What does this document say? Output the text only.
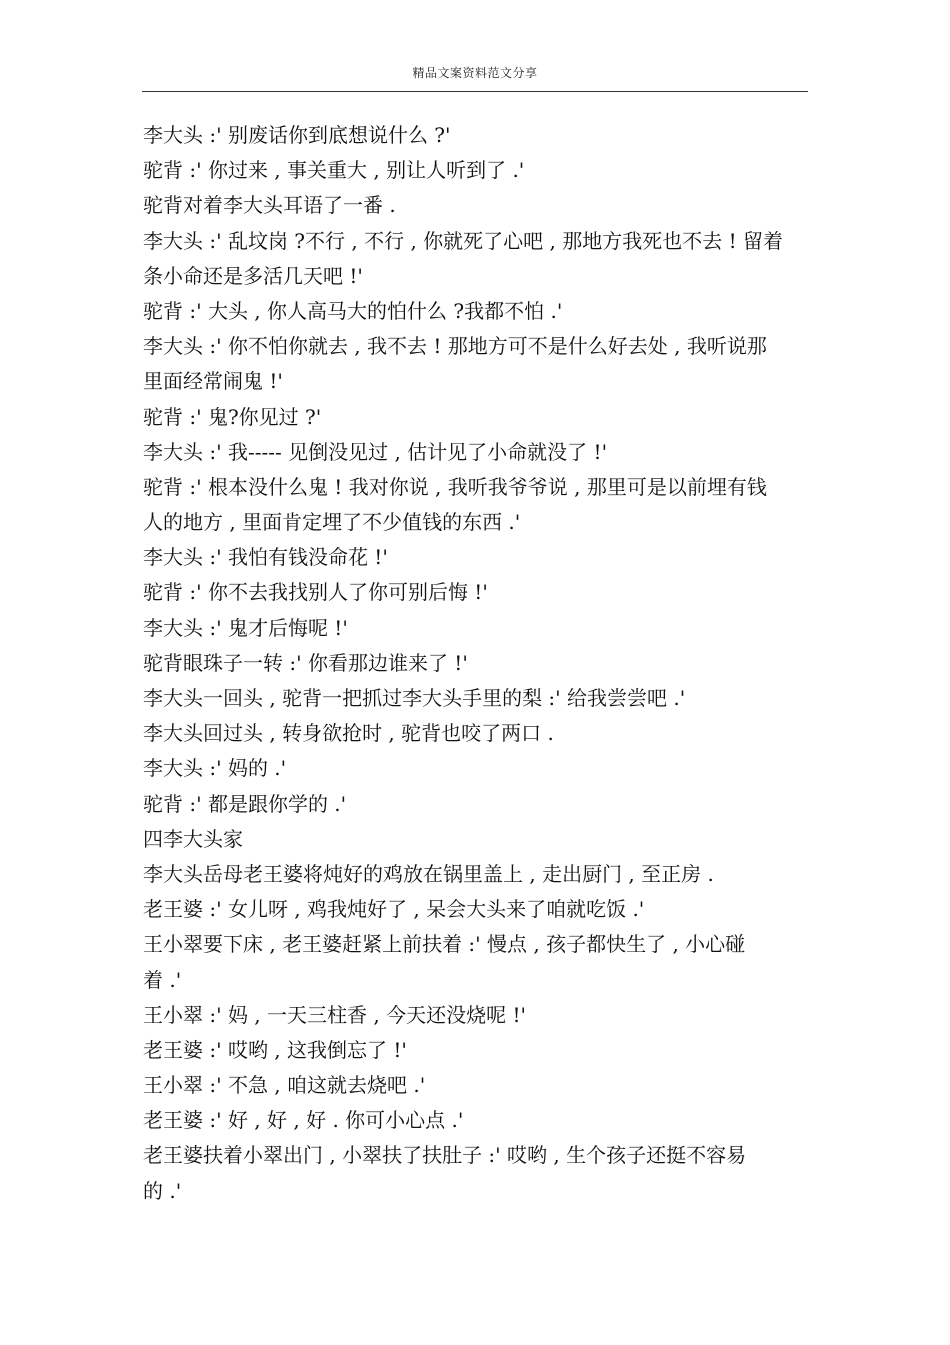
精品文案资料范文分享
李大头 :' 别废话你到底想说什么 ?'
驼背 :' 你过来 , 事关重大 , 别让人听到了 .'
驼背对着李大头耳语了一番 .
李大头 :' 乱坟岗 ?不行 , 不行 , 你就死了心吧 , 那地方我死也不去 ! 留着
条小命还是多活几天吧 !'
驼背 :' 大头 , 你人高马大的怕什么 ?我都不怕 .'
李大头 :' 你不怕你就去 , 我不去 ! 那地方可不是什么好去处 , 我听说那
里面经常闹鬼 !'
驼背 :' 鬼?你见过 ?'
李大头 :' 我----- 见倒没见过 , 估计见了小命就没了 !'
驼背 :' 根本没什么鬼 ! 我对你说 , 我听我爷爷说 , 那里可是以前埋有钱
人的地方 , 里面肯定埋了不少值钱的东西 .'
李大头 :' 我怕有钱没命花 !'
驼背 :' 你不去我找别人了你可别后悔 !'
李大头 :' 鬼才后悔呢 !'
驼背眼珠子一转 :' 你看那边谁来了 !'
李大头一回头 , 驼背一把抓过李大头手里的梨 :' 给我尝尝吧 .'
李大头回过头 , 转身欲抢时 , 驼背也咬了两口 .
李大头 :' 妈的 .'
驼背 :' 都是跟你学的 .'
四李大头家
李大头岳母老王婆将炖好的鸡放在锅里盖上 , 走出厨门 , 至正房 .
老王婆 :' 女儿呀 , 鸡我炖好了 , 呆会大头来了咱就吃饭 .'
王小翠要下床 , 老王婆赶紧上前扶着 :' 慢点 , 孩子都快生了 , 小心碰
着 .'
王小翠 :' 妈 , 一天三柱香 , 今天还没烧呢 !'
老王婆 :' 哎哟 , 这我倒忘了 !'
王小翠 :' 不急 , 咱这就去烧吧 .'
老王婆 :' 好 , 好 , 好 . 你可小心点 .'
老王婆扶着小翠出门 , 小翠扶了扶肚子 :' 哎哟 , 生个孩子还挺不容易
的 .'
